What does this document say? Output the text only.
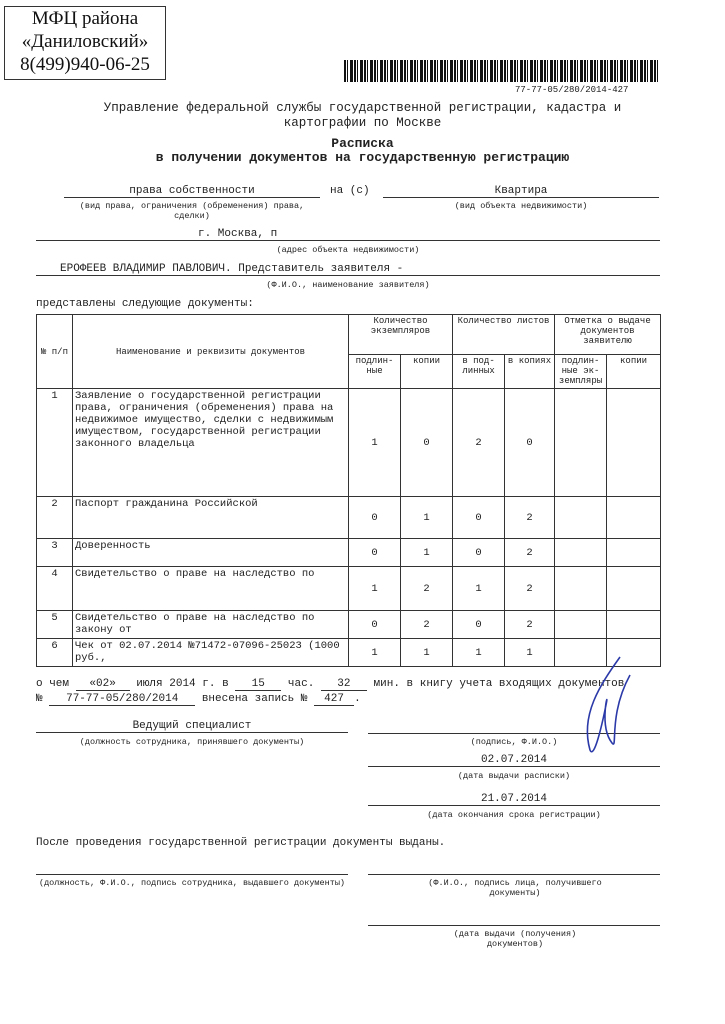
МФЦ района
«Даниловский»
8(499)940-06-25
77-77-05/280/2014-427
Управление федеральной службы государственной регистрации, кадастра и
картографии по Москве
Расписка
в получении документов на государственную регистрацию
права собственности	на (с)	Квартира
(вид права, ограничения (обременения) права, сделки)
(вид объекта недвижимости)
г. Москва, п
(адрес объекта недвижимости)
ЕРОФЕЕВ ВЛАДИМИР ПАВЛОВИЧ. Представитель заявителя -
(Ф.И.О., наименование заявителя)
представлены следующие документы:
№ п/п	Наименование и реквизиты документов	Количество экземпляров		Количество листов		Отметка о выдаче документов заявителю	
		подлин-ные	копии	в под-линных	в копиях	подлин-ные эк-земпляры	копии
1	Заявление о государственной регистрации права, ограничения (обременения) права на недвижимое имущество, сделки с недвижимым имуществом, государственной регистрации законного владельца	1	0	2	0		
2	Паспорт гражданина Российской	0	1	0	2		
3	Доверенность	0	1	0	2		
4	Свидетельство о праве на наследство по	1	2	1	2		
5	Свидетельство о праве на наследство по закону от	0	2	0	2		
6	Чек от 02.07.2014 №71472-07096-25023 (1000 руб.,	1	1	1	1		
о чем «02» июля 2014 г. в 15 час. 32 мин. в книгу учета входящих документов
№ 77-77-05/280/2014 внесена запись № 427 .
Ведущий специалист
(должность сотрудника, принявшего документы)	(подпись, Ф.И.О.)
02.07.2014
(дата выдачи расписки)
21.07.2014
(дата окончания срока регистрации)
После проведения государственной регистрации документы выданы.
(должность, Ф.И.О., подпись сотрудника, выдавшего документы)	(Ф.И.О., подпись лица, получившего документы)
(дата выдачи (получения) документов)
